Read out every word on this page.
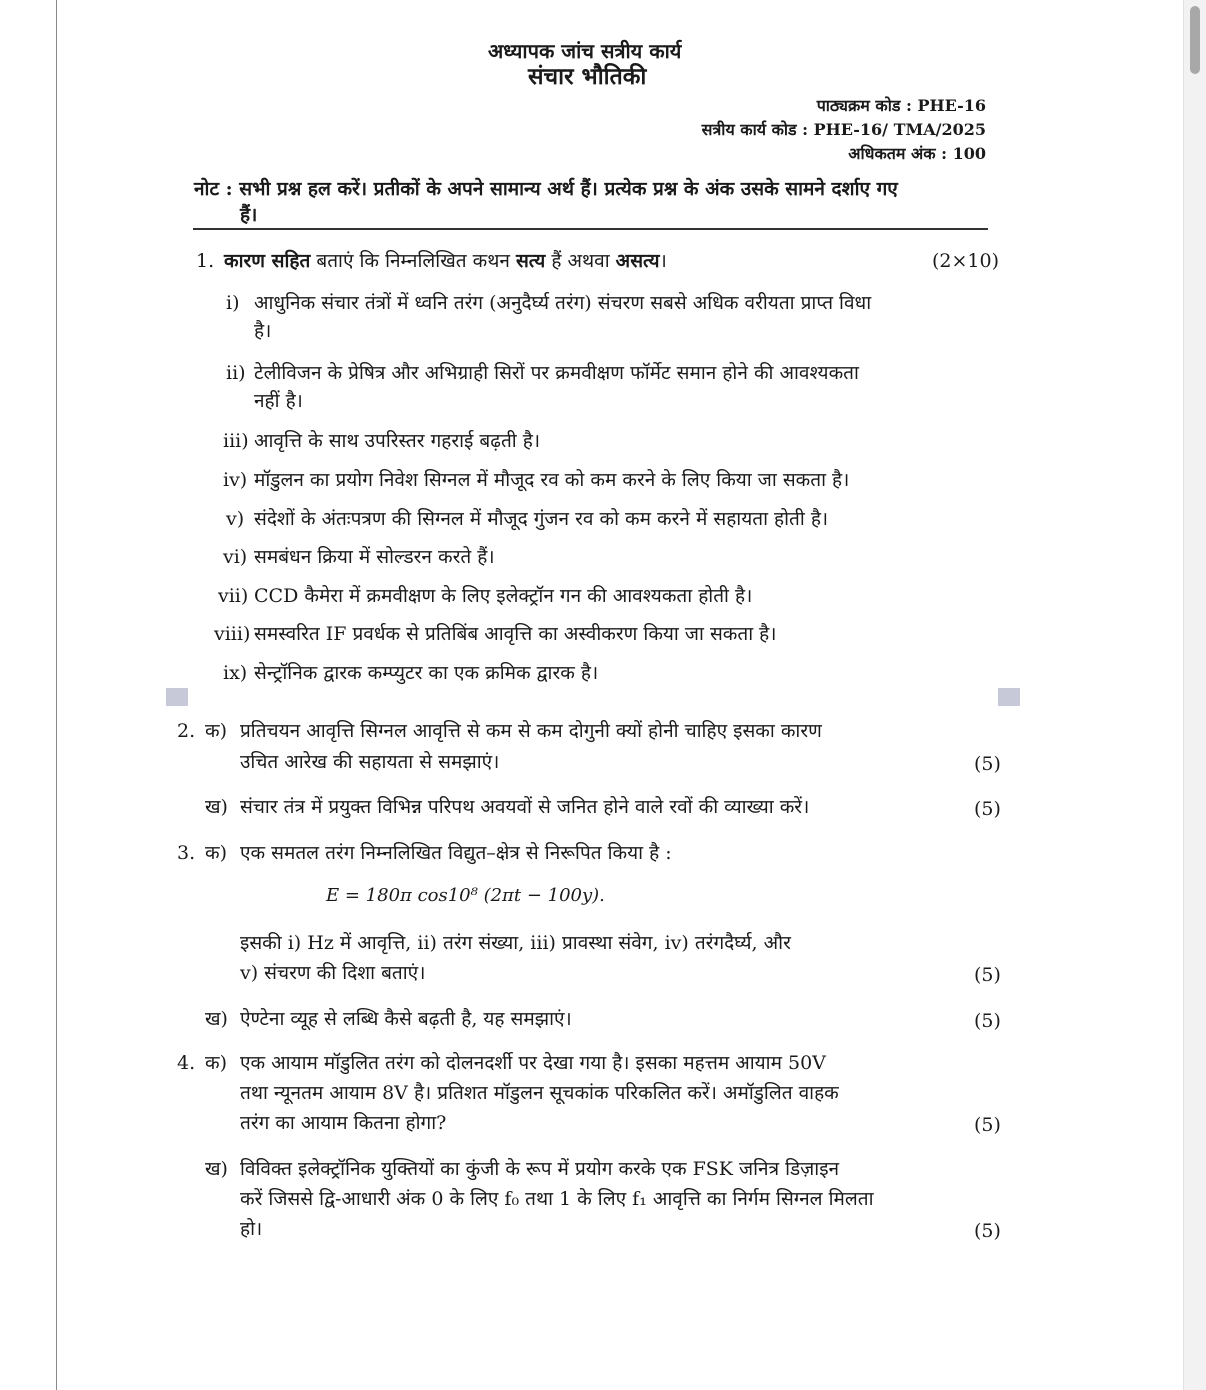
अध्यापक जांच सत्रीय कार्य
संचार भौतिकी
पाठ्यक्रम कोड : PHE-16
सत्रीय कार्य कोड : PHE-16/ TMA/2025
अधिकतम अंक : 100
नोट : सभी प्रश्न हल करें। प्रतीकों के अपने सामान्य अर्थ हैं। प्रत्येक प्रश्न के अंक उसके सामने दर्शाए गए
हैं।
1. कारण सहित बताएं कि निम्नलिखित कथन सत्य हैं अथवा असत्य।	(2×10)
i) आधुनिक संचार तंत्रों में ध्वनि तरंग (अनुदैर्घ्य तरंग) संचरण सबसे अधिक वरीयता प्राप्त विधा
है।
ii) टेलीविजन के प्रेषित्र और अभिग्राही सिरों पर क्रमवीक्षण फॉर्मेट समान होने की आवश्यकता
नहीं है।
iii) आवृत्ति के साथ उपरिस्तर गहराई बढ़ती है।
iv) मॉडुलन का प्रयोग निवेश सिग्नल में मौजूद रव को कम करने के लिए किया जा सकता है।
v) संदेशों के अंतःपत्रण की सिग्नल में मौजूद गुंजन रव को कम करने में सहायता होती है।
vi) समबंधन क्रिया में सोल्डरन करते हैं।
vii) CCD कैमेरा में क्रमवीक्षण के लिए इलेक्ट्रॉन गन की आवश्यकता होती है।
viii) समस्वरित IF प्रवर्धक से प्रतिबिंब आवृत्ति का अस्वीकरण किया जा सकता है।
ix) सेन्ट्रॉनिक द्वारक कम्प्युटर का एक क्रमिक द्वारक है।
2. क) प्रतिचयन आवृत्ति सिग्नल आवृत्ति से कम से कम दोगुनी क्यों होनी चाहिए इसका कारण
उचित आरेख की सहायता से समझाएं।	(5)
ख) संचार तंत्र में प्रयुक्त विभिन्न परिपथ अवयवों से जनित होने वाले रवों की व्याख्या करें।	(5)
3. क) एक समतल तरंग निम्नलिखित विद्युत–क्षेत्र से निरूपित किया है :
E = 180π cos10⁸ (2πt − 100y).
इसकी i) Hz में आवृत्ति, ii) तरंग संख्या, iii) प्रावस्था संवेग, iv) तरंगदैर्घ्य, और
v) संचरण की दिशा बताएं।	(5)
ख) ऐण्टेना व्यूह से लब्धि कैसे बढ़ती है, यह समझाएं।	(5)
4. क) एक आयाम मॉडुलित तरंग को दोलनदर्शी पर देखा गया है। इसका महत्तम आयाम 50V
तथा न्यूनतम आयाम 8V है। प्रतिशत मॉडुलन सूचकांक परिकलित करें। अमॉडुलित वाहक
तरंग का आयाम कितना होगा?	(5)
ख) विविक्त इलेक्ट्रॉनिक युक्तियों का कुंजी के रूप में प्रयोग करके एक FSK जनित्र डिज़ाइन
करें जिससे द्वि-आधारी अंक 0 के लिए f₀ तथा 1 के लिए f₁ आवृत्ति का निर्गम सिग्नल मिलता
हो।	(5)
